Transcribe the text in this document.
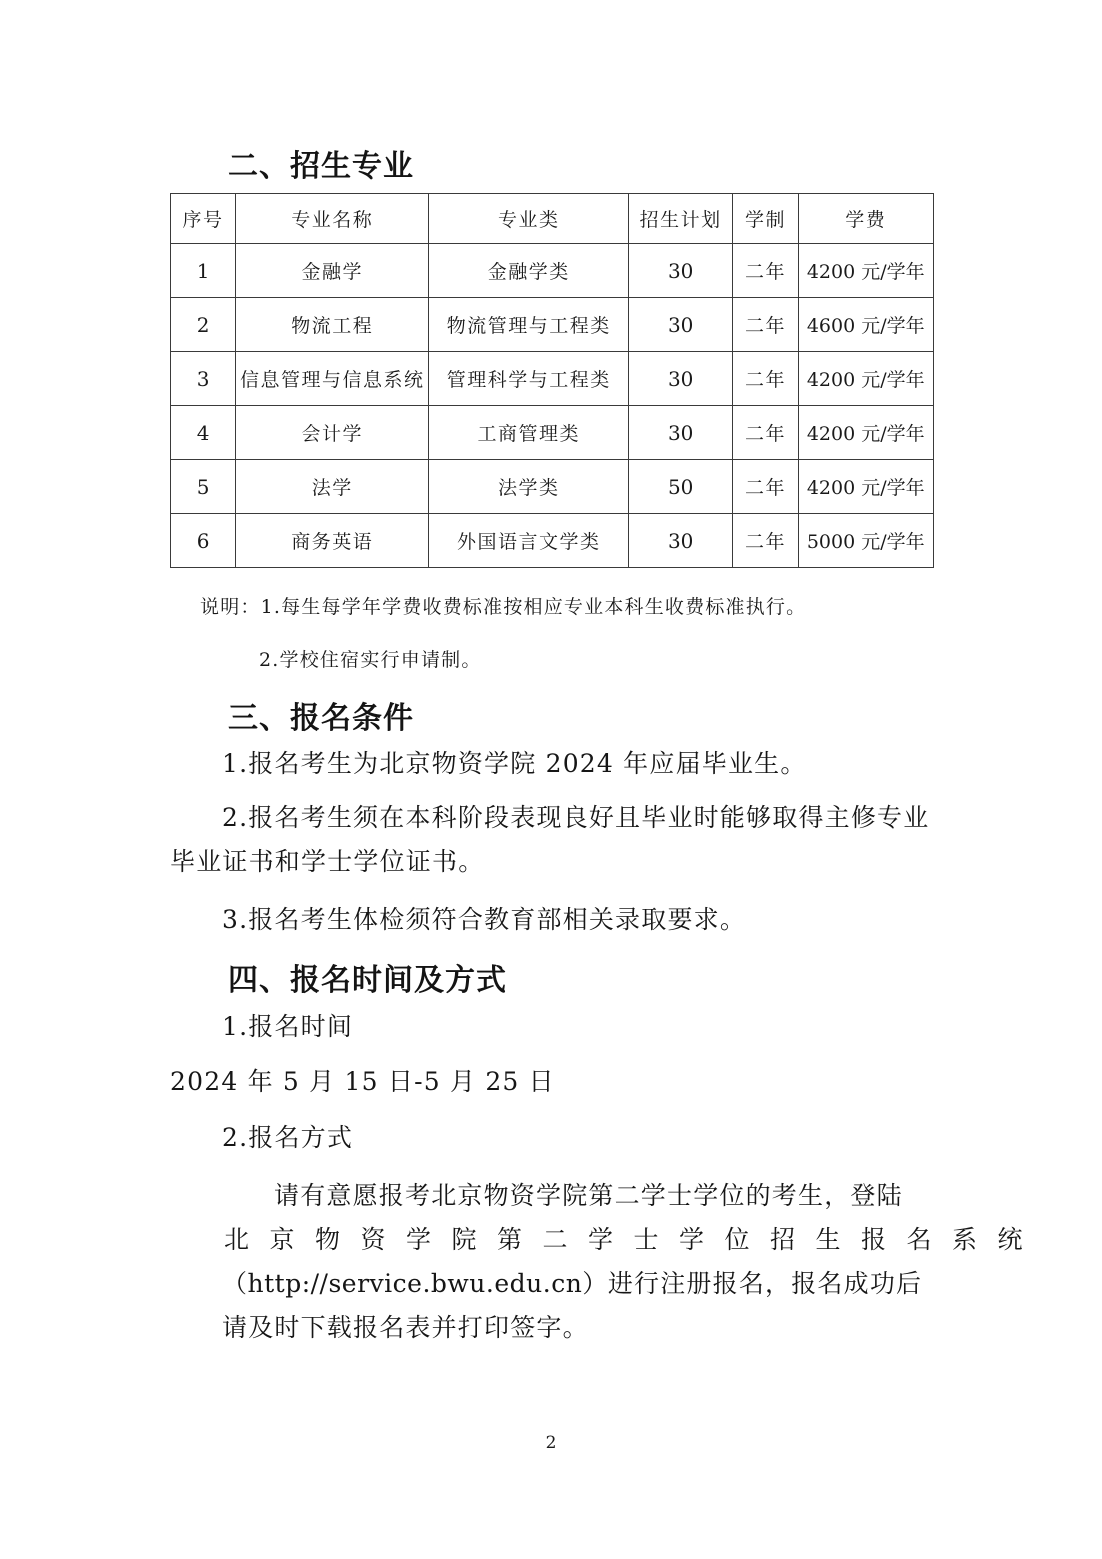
二、招生专业
序号	专业名称	专业类	招生计划	学制	学费
1	金融学	金融学类	30	二年	4200 元/学年
2	物流工程	物流管理与工程类	30	二年	4600 元/学年
3	信息管理与信息系统	管理科学与工程类	30	二年	4200 元/学年
4	会计学	工商管理类	30	二年	4200 元/学年
5	法学	法学类	50	二年	4200 元/学年
6	商务英语	外国语言文学类	30	二年	5000 元/学年
说明：1.每生每学年学费收费标准按相应专业本科生收费标准执行。
2.学校住宿实行申请制。
三、报名条件
1.报名考生为北京物资学院 2024 年应届毕业生。
2.报名考生须在本科阶段表现良好且毕业时能够取得主修专业毕业证书和学士学位证书。
3.报名考生体检须符合教育部相关录取要求。
四、报名时间及方式
1.报名时间
2024 年 5 月 15 日-5 月 25 日
2.报名方式
请有意愿报考北京物资学院第二学士学位的考生，登陆
北京物资学院第二学士学位招生报名系统
（http://service.bwu.edu.cn）进行注册报名，报名成功后
请及时下载报名表并打印签字。
2
